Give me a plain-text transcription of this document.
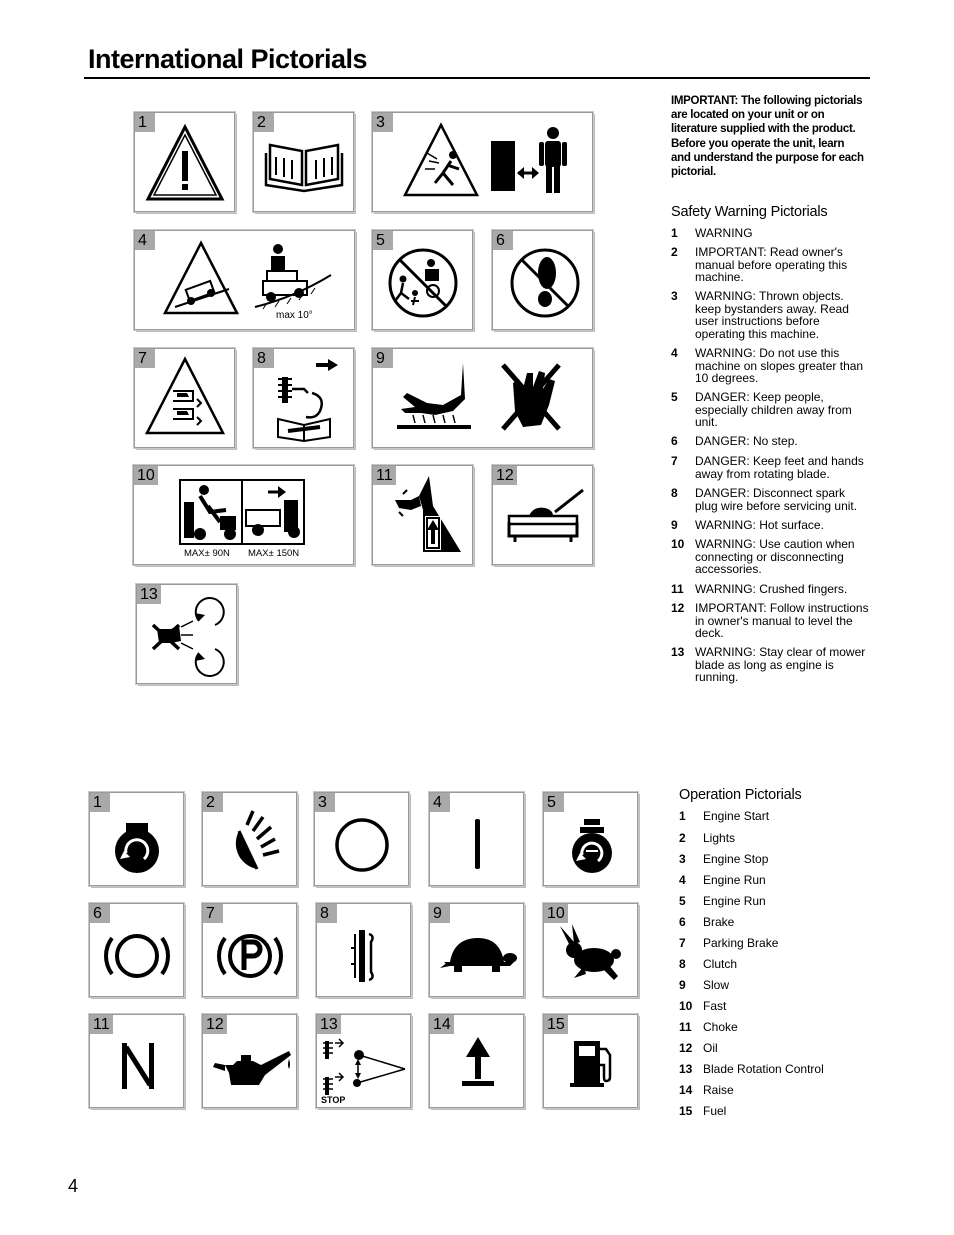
International Pictorials
1	2	3
4
max 10°
5	6
7	8	9
10
MAX± 90N MAX± 150N
11	12
13
IMPORTANT: The following pictorials are located on your unit or on literature supplied with the product. Before you operate the unit, learn and understand the purpose for each pictorial.
Safety Warning Pictorials
1	WARNING
2	IMPORTANT: Read owner's manual before operating this machine.
3	WARNING: Thrown objects. keep bystanders away. Read user instructions before operating this machine.
4	WARNING: Do not use this machine on slopes greater than 10 degrees.
5	DANGER: Keep people, especially children away from unit.
6	DANGER: No step.
7	DANGER: Keep feet and hands away from rotating blade.
8	DANGER: Disconnect spark plug wire before servicing unit.
9	WARNING: Hot surface.
10 WARNING: Use caution when connecting or disconnecting accessories.
11 WARNING: Crushed fingers.
12 IMPORTANT: Follow instructions in owner's manual to level the deck.
13 WARNING: Stay clear of mower blade as long as engine is running.
1	2	3	4	5
6	7	8	9	10
11	12	13
STOP
14	15
Operation Pictorials
1	Engine Start
2	Lights
3	Engine Stop
4	Engine Run
5	Engine Run
6	Brake
7	Parking Brake
8	Clutch
9	Slow
10 Fast
11 Choke
12 Oil
13 Blade Rotation Control
14 Raise
15 Fuel
4
